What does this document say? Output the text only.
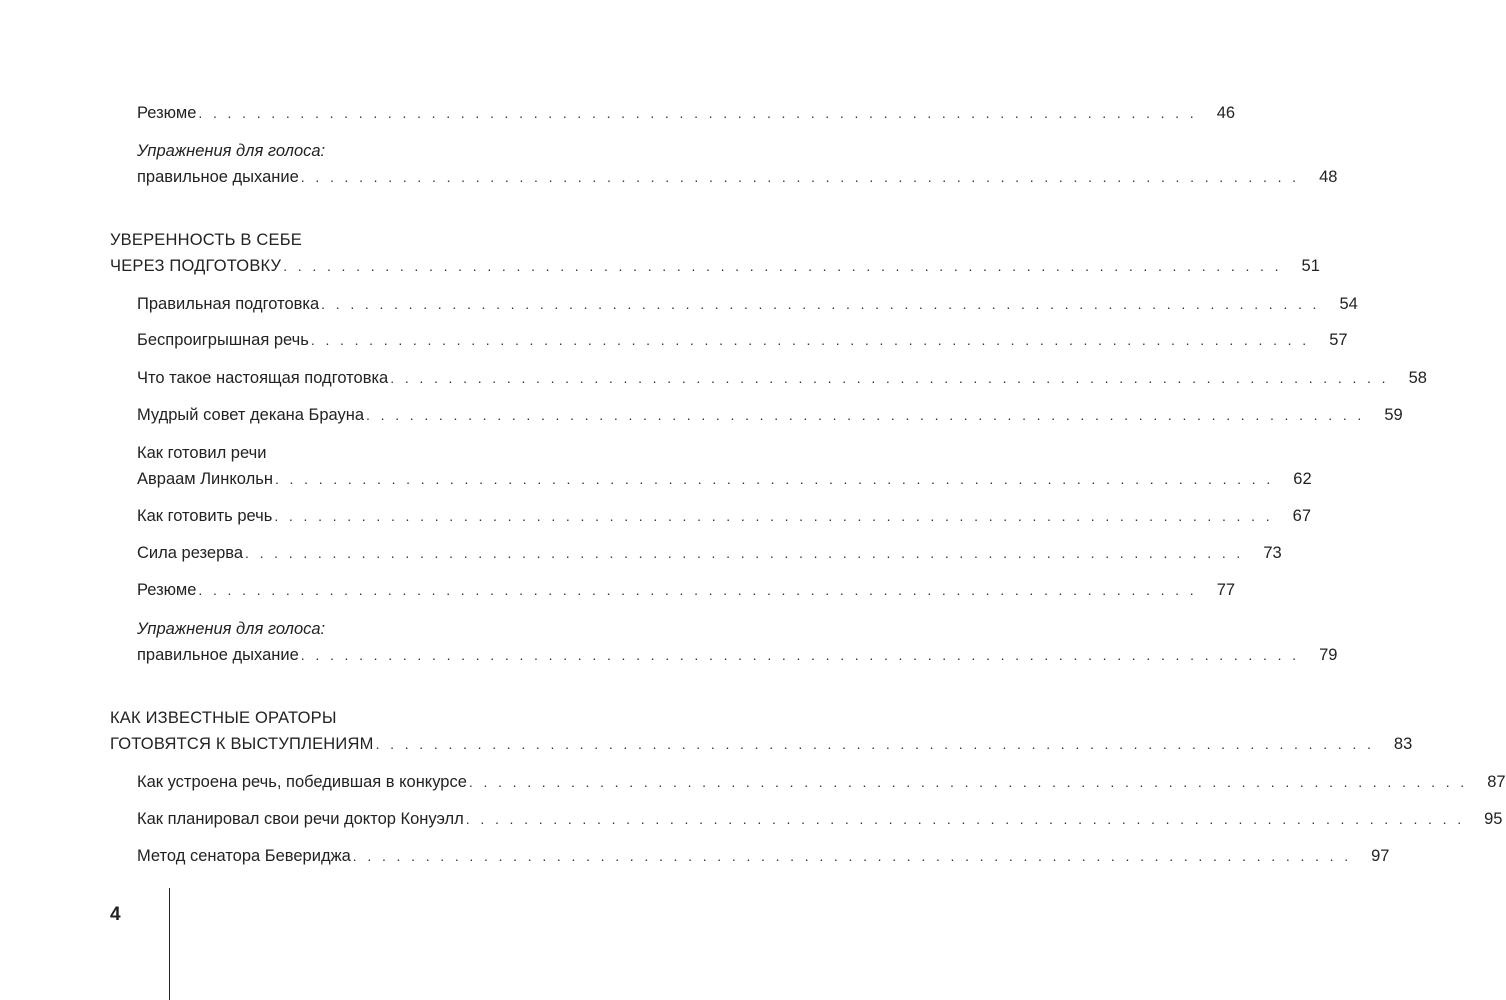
Резюме . . . . . . . . . . . . . . . . . . . . . . . . . . . . . . . . . . . . . . . . . . . . . . . . . . . . . . . . . . . . . . . . . . . . .	46
Упражнения для голоса:
правильное дыхание . . . . . . . . . . . . . . . . . . . . . . . . . . . . . . . . . . . . . . . . . . . . . . . . . . . . . . . . . . . . . . . . . . . . .	48
УВЕРЕННОСТЬ В СЕБЕ
ЧЕРЕЗ ПОДГОТОВКУ . . . . . . . . . . . . . . . . . . . . . . . . . . . . . . . . . . . . . . . . . . . . . . . . . . . . . . . . . . . . . . . . . . . . .	51
Правильная подготовка . . . . . . . . . . . . . . . . . . . . . . . . . . . . . . . . . . . . . . . . . . . . . . . . . . . . . . . . . . . . . . . . . . . . .	54
Беспроигрышная речь . . . . . . . . . . . . . . . . . . . . . . . . . . . . . . . . . . . . . . . . . . . . . . . . . . . . . . . . . . . . . . . . . . . . .	57
Что такое настоящая подготовка . . . . . . . . . . . . . . . . . . . . . . . . . . . . . . . . . . . . . . . . . . . . . . . . . . . . . . . . . . . . . . . . . . . . .	58
Мудрый совет декана Брауна . . . . . . . . . . . . . . . . . . . . . . . . . . . . . . . . . . . . . . . . . . . . . . . . . . . . . . . . . . . . . . . . . . . . .	59
Как готовил речи
Авраам Линкольн . . . . . . . . . . . . . . . . . . . . . . . . . . . . . . . . . . . . . . . . . . . . . . . . . . . . . . . . . . . . . . . . . . . . .	62
Как готовить речь . . . . . . . . . . . . . . . . . . . . . . . . . . . . . . . . . . . . . . . . . . . . . . . . . . . . . . . . . . . . . . . . . . . . .	67
Сила резерва . . . . . . . . . . . . . . . . . . . . . . . . . . . . . . . . . . . . . . . . . . . . . . . . . . . . . . . . . . . . . . . . . . . . .	73
Резюме . . . . . . . . . . . . . . . . . . . . . . . . . . . . . . . . . . . . . . . . . . . . . . . . . . . . . . . . . . . . . . . . . . . . .	77
Упражнения для голоса:
правильное дыхание . . . . . . . . . . . . . . . . . . . . . . . . . . . . . . . . . . . . . . . . . . . . . . . . . . . . . . . . . . . . . . . . . . . . .	79
КАК ИЗВЕСТНЫЕ ОРАТОРЫ
ГОТОВЯТСЯ К ВЫСТУПЛЕНИЯМ . . . . . . . . . . . . . . . . . . . . . . . . . . . . . . . . . . . . . . . . . . . . . . . . . . . . . . . . . . . . . . . . . . . . .	83
Как устроена речь, победившая в конкурсе . . . . . . . . . . . . . . . . . . . . . . . . . . . . . . . . . . . . . . . . . . . . . . . . . . . . . . . . . . . . . . . . . . . . .	87
Как планировал свои речи доктор Конуэлл . . . . . . . . . . . . . . . . . . . . . . . . . . . . . . . . . . . . . . . . . . . . . . . . . . . . . . . . . . . . . . . . . . . . .	95
Метод сенатора Бевериджа . . . . . . . . . . . . . . . . . . . . . . . . . . . . . . . . . . . . . . . . . . . . . . . . . . . . . . . . . . . . . . . . . . . . .	97
4
